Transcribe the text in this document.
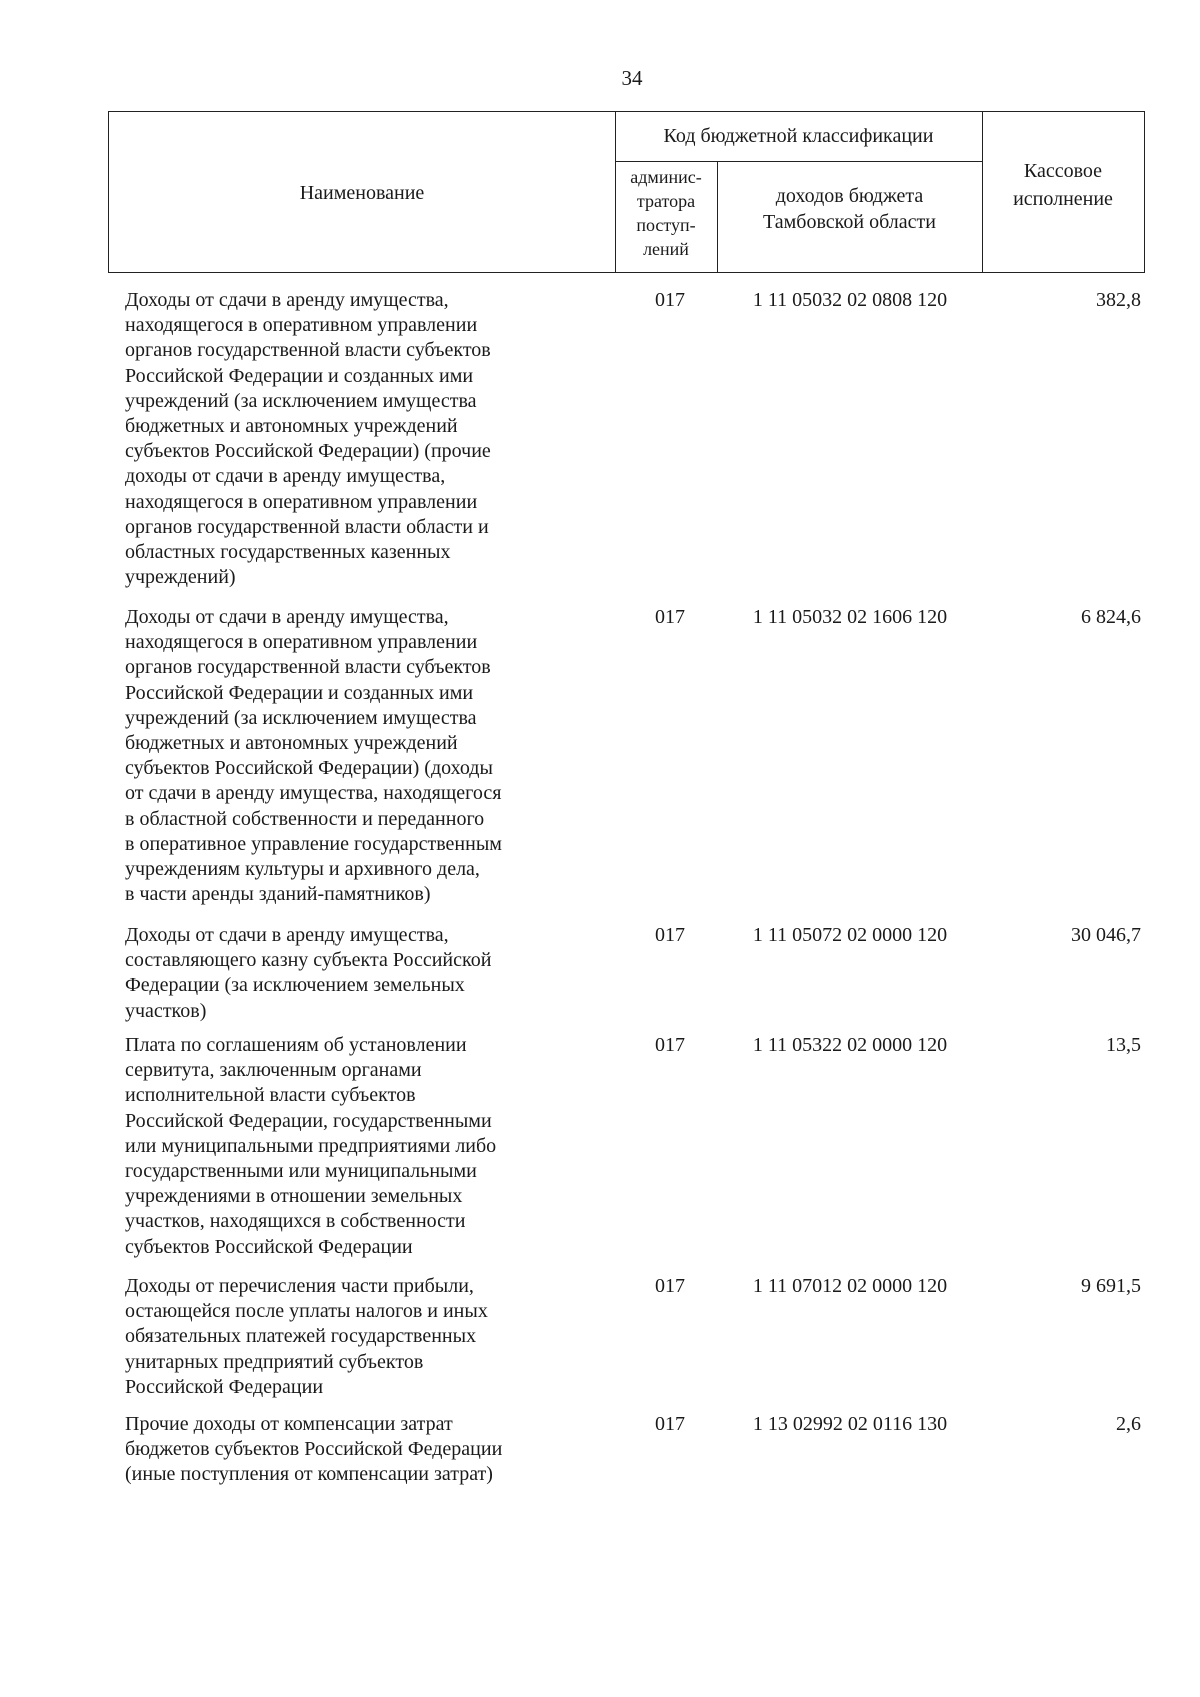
34
Наименование
Код бюджетной классификации
админис-
тратора
поступ-
лений
доходов бюджета
Тамбовской области
Кассовое
исполнение
Доходы от сдачи в аренду имущества,
находящегося в оперативном управлении
органов государственной власти субъектов
Российской Федерации и созданных ими
учреждений (за исключением имущества
бюджетных и автономных учреждений
субъектов Российской Федерации) (прочие
доходы от сдачи в аренду имущества,
находящегося в оперативном управлении
органов государственной власти области и
областных государственных казенных
учреждений)
017	1 11 05032 02 0808 120	382,8
Доходы от сдачи в аренду имущества,
находящегося в оперативном управлении
органов государственной власти субъектов
Российской Федерации и созданных ими
учреждений (за исключением имущества
бюджетных и автономных учреждений
субъектов Российской Федерации) (доходы
от сдачи в аренду имущества, находящегося
в областной собственности и переданного
в оперативное управление государственным
учреждениям культуры и архивного дела,
в части аренды зданий-памятников)
017	1 11 05032 02 1606 120	6 824,6
Доходы от сдачи в аренду имущества,
составляющего казну субъекта Российской
Федерации (за исключением земельных
участков)
017	1 11 05072 02 0000 120	30 046,7
Плата по соглашениям об установлении
сервитута, заключенным органами
исполнительной власти субъектов
Российской Федерации, государственными
или муниципальными предприятиями либо
государственными или муниципальными
учреждениями в отношении земельных
участков, находящихся в собственности
субъектов Российской Федерации
017	1 11 05322 02 0000 120	13,5
Доходы от перечисления части прибыли,
остающейся после уплаты налогов и иных
обязательных платежей государственных
унитарных предприятий субъектов
Российской Федерации
017	1 11 07012 02 0000 120	9 691,5
Прочие доходы от компенсации затрат
бюджетов субъектов Российской Федерации
(иные поступления от компенсации затрат)
017	1 13 02992 02 0116 130	2,6
